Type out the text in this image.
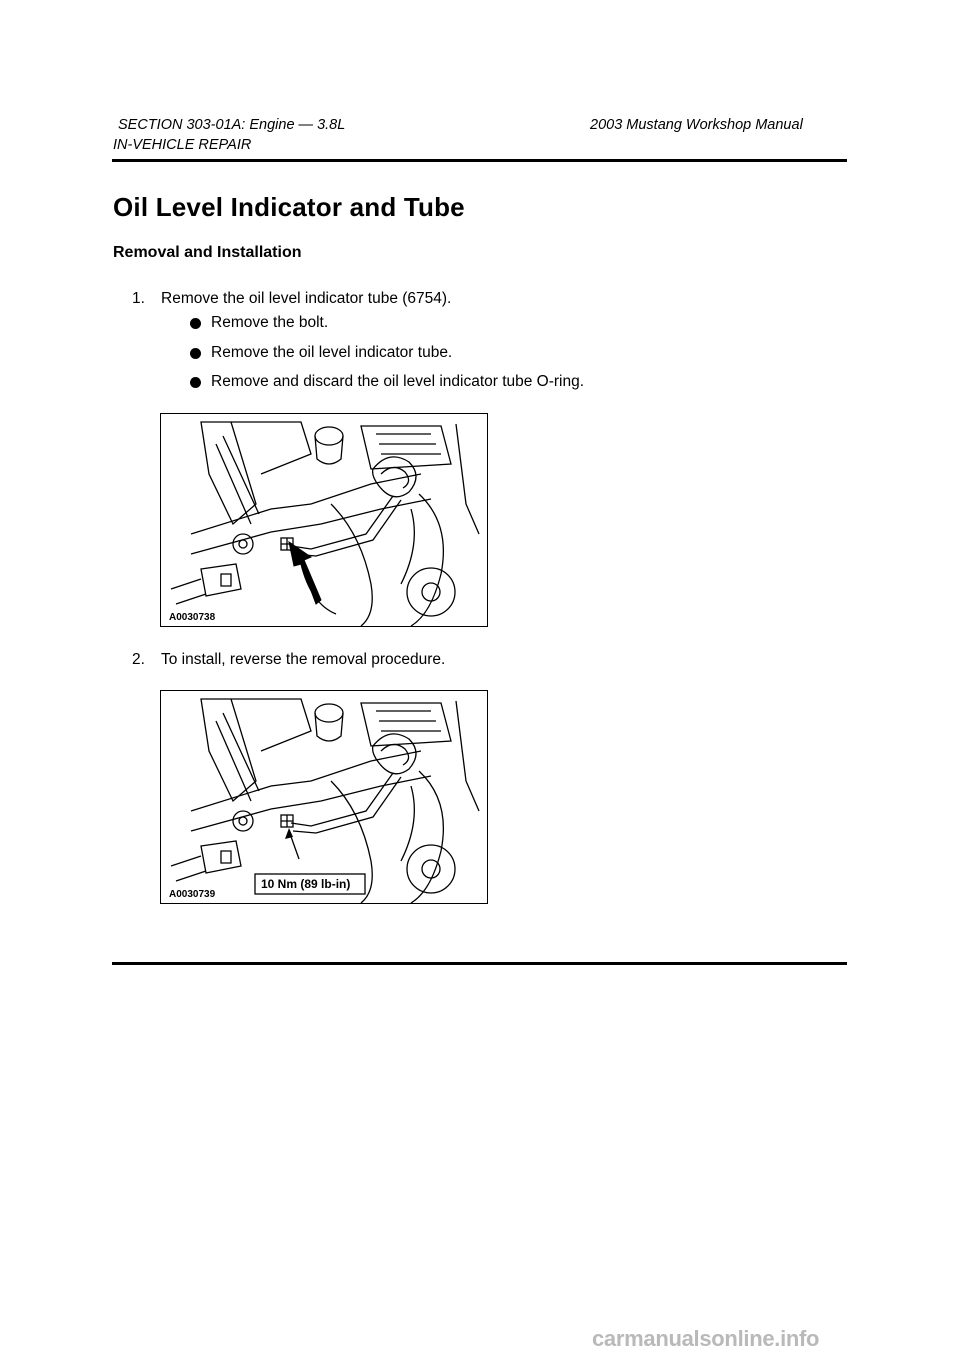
SECTION 303-01A: Engine — 3.8L	2003 Mustang Workshop Manual
IN-VEHICLE REPAIR
Oil Level Indicator and Tube
Removal and Installation
1. Remove the oil level indicator tube (6754).
Remove the bolt.
Remove the oil level indicator tube.
Remove and discard the oil level indicator tube O-ring.
A0030738
2. To install, reverse the removal procedure.
10 Nm (89 lb-in)
A0030739
carmanualsonline.info
